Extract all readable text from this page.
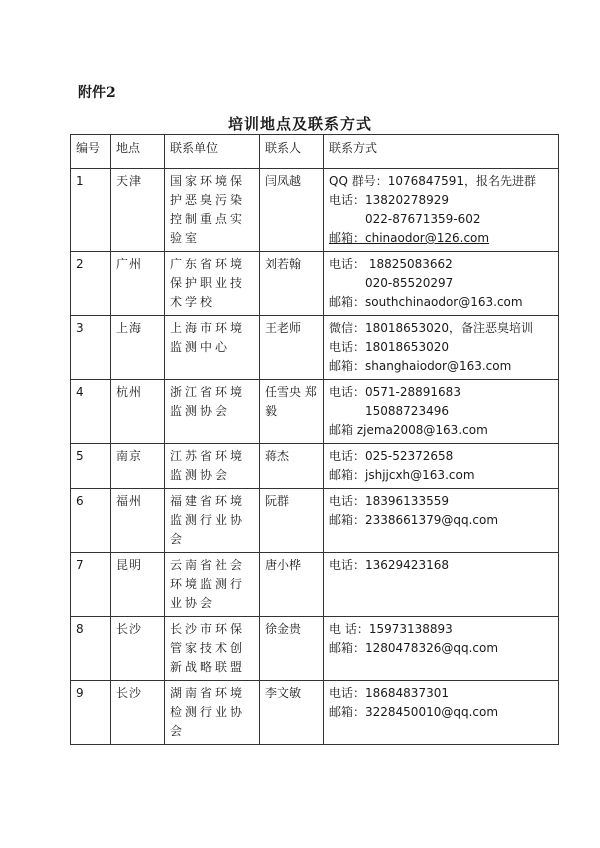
附件2
培训地点及联系方式
编号	地点	联系单位	联系人	联系方式
1	天津	国家环境保护恶臭污染控制重点实验室	闫凤越	QQ 群号：1076847591，报名先进群
电话：13820278929
　　　022-87671359-602
邮箱：chinaodor@126.com

2	广州	广东省环境保护职业技术学校	刘若翰	电话： 18825083662
　　　020-85520297
邮箱：southchinaodor@163.com

3	上海	上海市环境监测中心	王老师	微信：18018653020，备注恶臭培训
电话：18018653020
邮箱：shanghaiodor@163.com

4	杭州	浙江省环境监测协会	任雪央 郑毅	电话：0571-28891683
　　　15088723496
邮箱 zjema2008@163.com

5	南京	江苏省环境监测协会	蒋杰	电话：025-52372658
邮箱：jshjjcxh@163.com

6	福州	福建省环境监测行业协会	阮群	电话：18396133559
邮箱：2338661379@qq.com

7	昆明	云南省社会环境监测行业协会	唐小桦	电话：13629423168

8	长沙	长沙市环保管家技术创新战略联盟	徐金贵	电 话：15973138893
邮箱：1280478326@qq.com

9	长沙	湖南省环境检测行业协会	李文敏	电话：18684837301
邮箱：3228450010@qq.com
